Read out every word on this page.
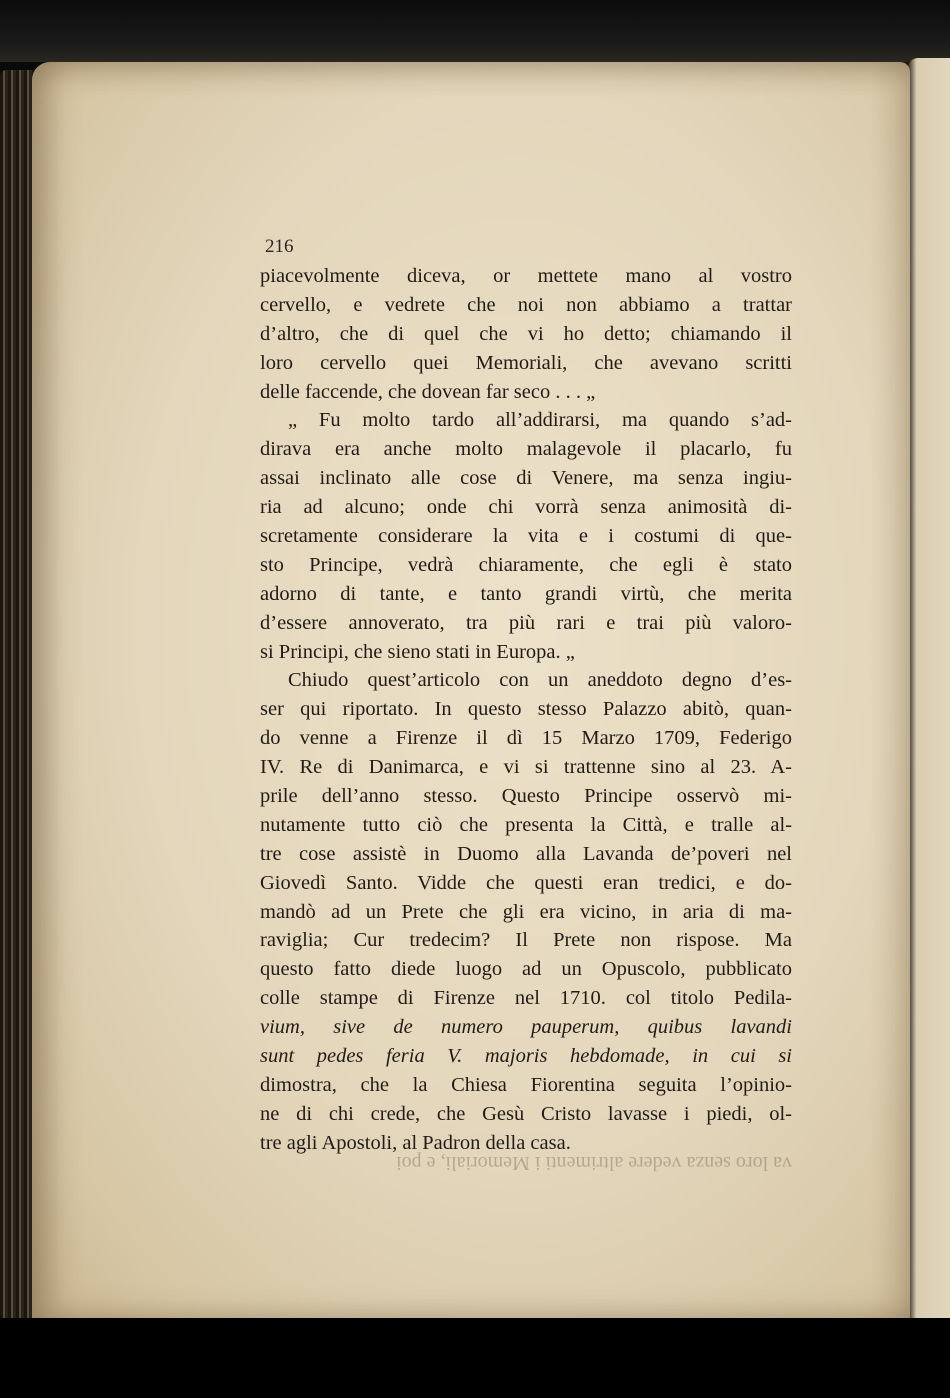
216
piacevolmente diceva, or mettete mano al vostro
cervello, e vedrete che noi non abbiamo a trattar
d’altro, che di quel che vi ho detto; chiamando il
loro cervello quei Memoriali, che avevano scritti
delle faccende, che dovean far seco . . . „
„ Fu molto tardo all’addirarsi, ma quando s’ad-
dirava era anche molto malagevole il placarlo, fu
assai inclinato alle cose di Venere, ma senza ingiu-
ria ad alcuno; onde chi vorrà senza animosità di-
scretamente considerare la vita e i costumi di que-
sto Principe, vedrà chiaramente, che egli è stato
adorno di tante, e tanto grandi virtù, che merita
d’essere annoverato, tra più rari e trai più valoro-
si Principi, che sieno stati in Europa. „
Chiudo quest’articolo con un aneddoto degno d’es-
ser qui riportato. In questo stesso Palazzo abitò, quan-
do venne a Firenze il dì 15 Marzo 1709, Federigo
IV. Re di Danimarca, e vi si trattenne sino al 23. A-
prile dell’anno stesso. Questo Principe osservò mi-
nutamente tutto ciò che presenta la Città, e tralle al-
tre cose assistè in Duomo alla Lavanda de’poveri nel
Giovedì Santo. Vidde che questi eran tredici, e do-
mandò ad un Prete che gli era vicino, in aria di ma-
raviglia; Cur tredecim? Il Prete non rispose. Ma
questo fatto diede luogo ad un Opuscolo, pubblicato
colle stampe di Firenze nel 1710. col titolo Pedila-
vium, sive de numero pauperum, quibus lavandi
sunt pedes feria V. majoris hebdomade, in cui si
dimostra, che la Chiesa Fiorentina seguita l’opinio-
ne di chi crede, che Gesù Cristo lavasse i piedi, ol-
tre agli Apostoli, al Padron della casa.
va loro senza vedere altrimenti i Memoriali, e poi
